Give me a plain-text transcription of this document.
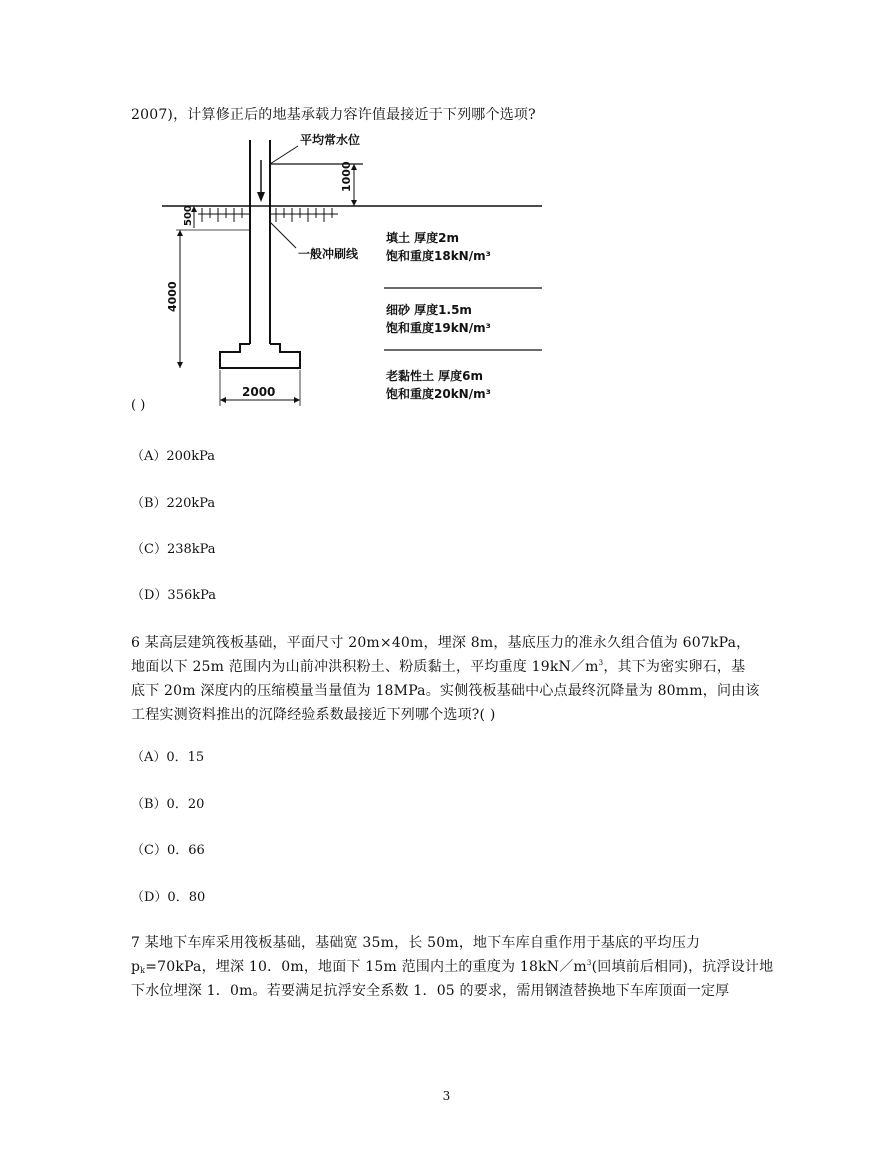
2007)，计算修正后的地基承载力容许值最接近于下列哪个选项?
平均常水位
一般冲刷线
1000
500
4000
2000
填土 厚度2m
饱和重度18kN/m³
细砂 厚度1.5m
饱和重度19kN/m³
老黏性土 厚度6m
饱和重度20kN/m³
( )
（A）200kPa
（B）220kPa
（C）238kPa
（D）356kPa
6 某高层建筑筏板基础，平面尺寸 20m×40m，埋深 8m，基底压力的准永久组合值为 607kPa，
地面以下 25m 范围内为山前冲洪积粉土、粉质黏土，平均重度 $19kN/m^3$，其下为密实卵石，基
底下 20m 深度内的压缩模量当量值为 18MPa。实侧筏板基础中心点最终沉降量为 80mm，问由该
工程实测资料推出的沉降经验系数最接近下列哪个选项?( )
（A）0．15
（B）0．20
（C）0．66
（D）0．80
7 某地下车库采用筏板基础，基础宽 35m，长 50m，地下车库自重作用于基底的平均压力
$p_k=70kPa$，埋深 10．0m，地面下 15m 范围内土的重度为 $18kN/m^3$(回填前后相同)，抗浮设计地
下水位埋深 1．0m。若要满足抗浮安全系数 1．05 的要求，需用钢渣替换地下车库顶面一定厚
3
